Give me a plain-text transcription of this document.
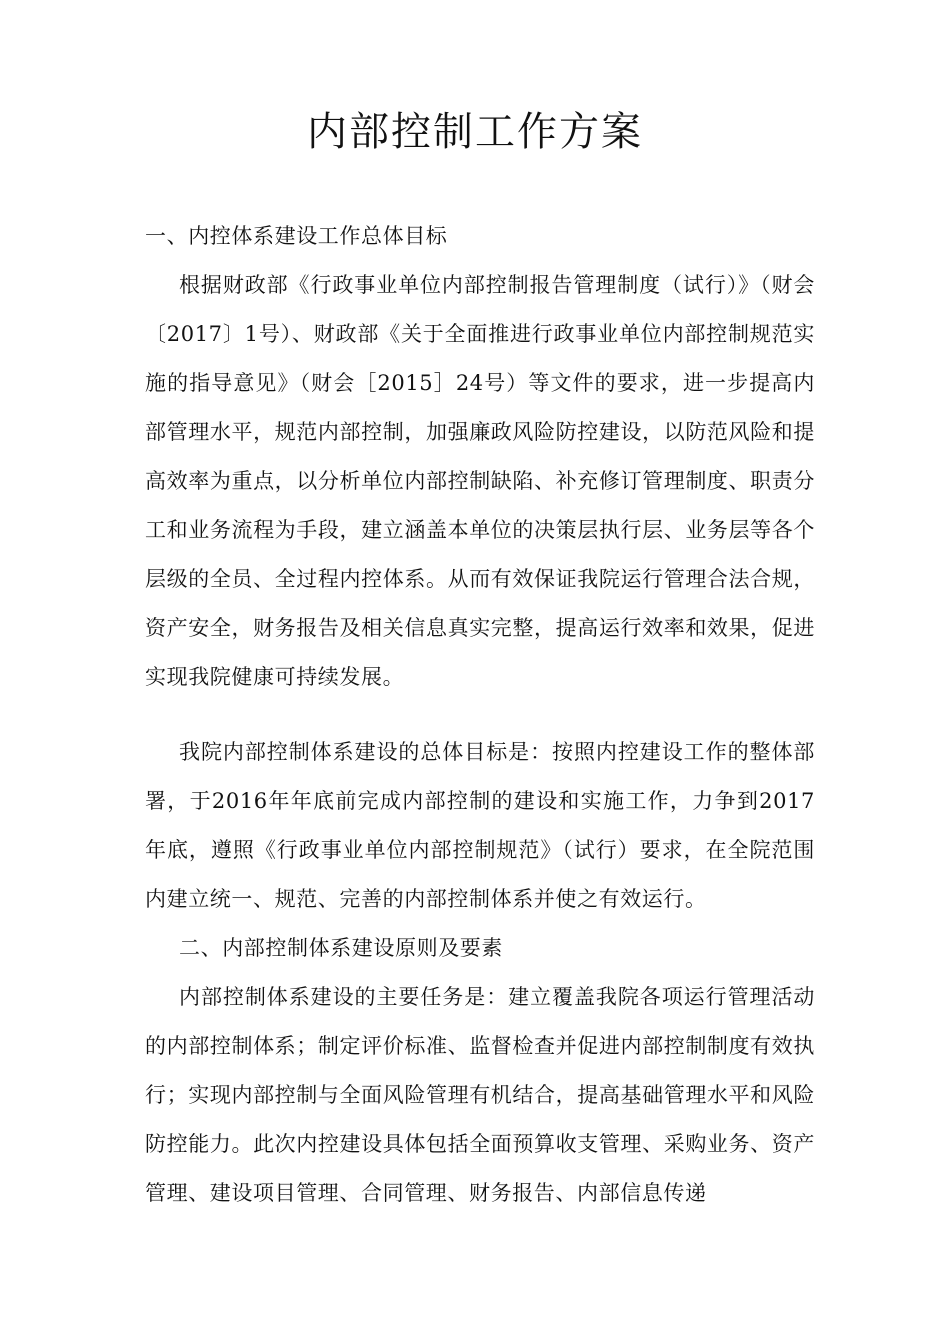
内部控制工作方案

一、内控体系建设工作总体目标

根据财政部《行政事业单位内部控制报告管理制度（试行）》（财会〔2017〕1号）、财政部《关于全面推进行政事业单位内部控制规范实施的指导意见》（财会［2015］24号）等文件的要求，进一步提高内部管理水平，规范内部控制，加强廉政风险防控建设，以防范风险和提高效率为重点，以分析单位内部控制缺陷、补充修订管理制度、职责分工和业务流程为手段，建立涵盖本单位的决策层执行层、业务层等各个层级的全员、全过程内控体系。从而有效保证我院运行管理合法合规，资产安全，财务报告及相关信息真实完整，提高运行效率和效果，促进实现我院健康可持续发展。

我院内部控制体系建设的总体目标是：按照内控建设工作的整体部署，于2016年年底前完成内部控制的建设和实施工作，力争到2017年底，遵照《行政事业单位内部控制规范》（试行）要求，在全院范围内建立统一、规范、完善的内部控制体系并使之有效运行。

二、内部控制体系建设原则及要素

内部控制体系建设的主要任务是：建立覆盖我院各项运行管理活动的内部控制体系；制定评价标准、监督检查并促进内部控制制度有效执行；实现内部控制与全面风险管理有机结合，提高基础管理水平和风险防控能力。此次内控建设具体包括全面预算收支管理、采购业务、资产管理、建设项目管理、合同管理、财务报告、内部信息传递
